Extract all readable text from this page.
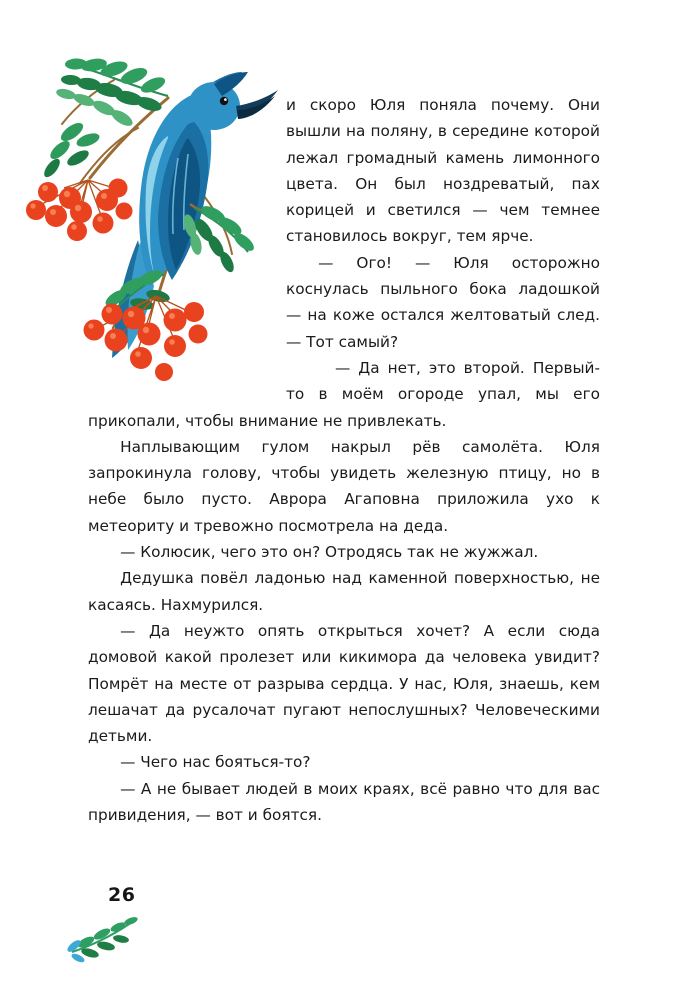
и скоро Юля поняла почему. Они вышли на поляну, в середине которой лежал громадный камень лимонного цвета. Он был ноздреватый, пах корицей и светился — чем темнее становилось вокруг, тем ярче.

— Ого! — Юля осторожно коснулась пыльного бока ладошкой — на коже остался желтоватый след. — Тот самый?

— Да нет, это второй. Первый-то в моём огороде упал, мы его прикопали, чтобы внимание не привлекать.

Наплывающим гулом накрыл рёв самолёта. Юля запрокинула голову, чтобы увидеть железную птицу, но в небе было пусто. Аврора Агаповна приложила ухо к метеориту и тревожно посмотрела на деда.

— Колюсик, чего это он? Отродясь так не жужжал.

Дедушка повёл ладонью над каменной поверхностью, не касаясь. Нахмурился.

— Да неужто опять открыться хочет? А если сюда домовой какой пролезет или кикимора да человека увидит? Помрёт на месте от разрыва сердца. У нас, Юля, знаешь, кем лешачат да русалочат пугают непослушных? Человеческими детьми.

— Чего нас бояться-то?

— А не бывает людей в моих краях, всё равно что для вас привидения, — вот и боятся.

26
